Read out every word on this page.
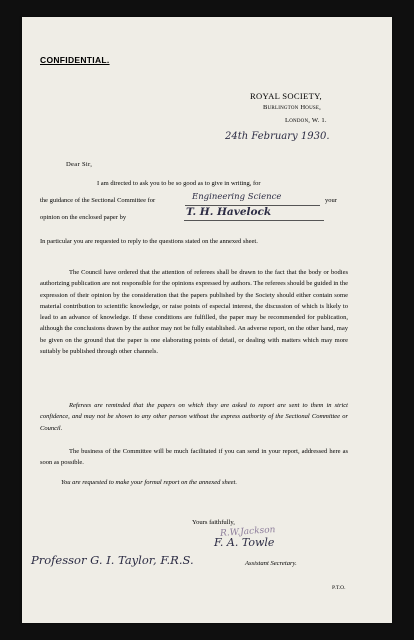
CONFIDENTIAL.
ROYAL SOCIETY,
Burlington House,
London, W. 1.
24th February 1930.
Dear Sir,
I am directed to ask you to be so good as to give in writing, for
the guidance of the Sectional Committee for	Engineering Science	your
opinion on the enclosed paper by	T. H. Havelock
In particular you are requested to reply to the questions stated on the annexed sheet.
The Council have ordered that the attention of referees shall be drawn to the fact that the body or bodies authorizing publication are not responsible for the opinions expressed by authors. The referees should be guided in the expression of their opinion by the consideration that the papers published by the Society should either contain some material contribution to scientific knowledge, or raise points of especial interest, the discussion of which is likely to lead to an advance of knowledge. If these conditions are fulfilled, the paper may be recommended for publication, although the conclusions drawn by the author may not be fully established. An adverse report, on the other hand, may be given on the ground that the paper is one elaborating points of detail, or dealing with matters which may more suitably be published through other channels.
Referees are reminded that the papers on which they are asked to report are sent to them in strict confidence, and may not be shown to any other person without the express authority of the Sectional Committee or Council.
The business of the Committee will be much facilitated if you can send in your report, addressed here as soon as possible.
You are requested to make your formal report on the annexed sheet.
Yours faithfully,
Professor G. I. Taylor, F.R.S.
R.W.Jackson
F. A. Towle
Assistant Secretary.
P.T.O.
